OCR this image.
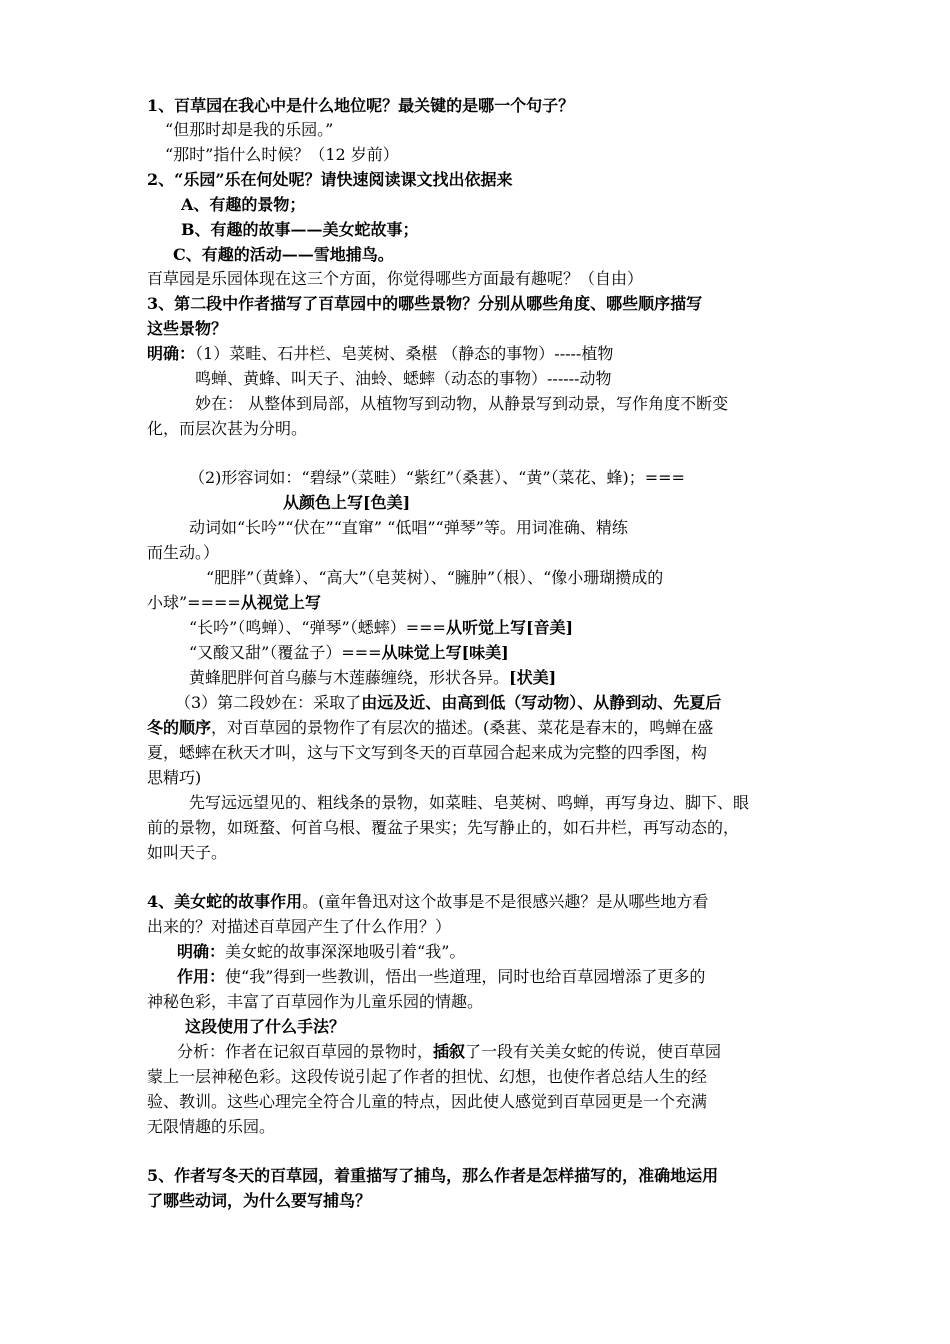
1、百草园在我心中是什么地位呢？最关键的是哪一个句子？
“但那时却是我的乐园。”
“那时”指什么时候？（12 岁前）
2、“乐园”乐在何处呢？请快速阅读课文找出依据来
A、有趣的景物；
B、有趣的故事——美女蛇故事；
C、有趣的活动——雪地捕鸟。
百草园是乐园体现在这三个方面，你觉得哪些方面最有趣呢？（自由）
3、第二段中作者描写了百草园中的哪些景物？分别从哪些角度、哪些顺序描写
这些景物？
明确：（1）菜畦、石井栏、皂荚树、桑椹 （静态的事物）-----植物
鸣蝉、黄蜂、叫天子、油蛉、蟋蟀（动态的事物）------动物
妙在： 从整体到局部，从植物写到动物，从静景写到动景，写作角度不断变
化，而层次甚为分明。
（2)形容词如：“碧绿”（菜畦）“紫红”（桑葚）、“黄”（菜花、蜂)；===
从颜色上写[色美]
动词如“长吟”“伏在”“直窜” “低唱”“弹琴”等。用词准确、精练
而生动。）
“肥胖”（黄蜂）、“高大”（皂荚树）、“臃肿”（根）、“像小珊瑚攒成的
小球”====从视觉上写
“长吟”（鸣蝉）、“弹琴”（蟋蟀）===从听觉上写[音美]
“又酸又甜”（覆盆子）===从味觉上写[味美]
黄蜂肥胖何首乌藤与木莲藤缠绕，形状各异。[状美]
（3）第二段妙在：采取了由远及近、由高到低（写动物）、从静到动、先夏后
冬的顺序，对百草园的景物作了有层次的描述。(桑葚、菜花是春末的，鸣蝉在盛
夏，蟋蟀在秋天才叫，这与下文写到冬天的百草园合起来成为完整的四季图，构
思精巧)
先写远远望见的、粗线条的景物，如菜畦、皂荚树、鸣蝉，再写身边、脚下、眼
前的景物，如斑蝥、何首乌根、覆盆子果实；先写静止的，如石井栏，再写动态的，
如叫天子。
4、美女蛇的故事作用。(童年鲁迅对这个故事是不是很感兴趣？是从哪些地方看
出来的？对描述百草园产生了什么作用？）
明确：美女蛇的故事深深地吸引着“我”。
作用：使“我”得到一些教训，悟出一些道理，同时也给百草园增添了更多的
神秘色彩，丰富了百草园作为儿童乐园的情趣。
这段使用了什么手法？
分析：作者在记叙百草园的景物时，插叙了一段有关美女蛇的传说，使百草园
蒙上一层神秘色彩。这段传说引起了作者的担忧、幻想，也使作者总结人生的经
验、教训。这些心理完全符合儿童的特点，因此使人感觉到百草园更是一个充满
无限情趣的乐园。
5、作者写冬天的百草园，着重描写了捕鸟，那么作者是怎样描写的，准确地运用
了哪些动词，为什么要写捕鸟？
